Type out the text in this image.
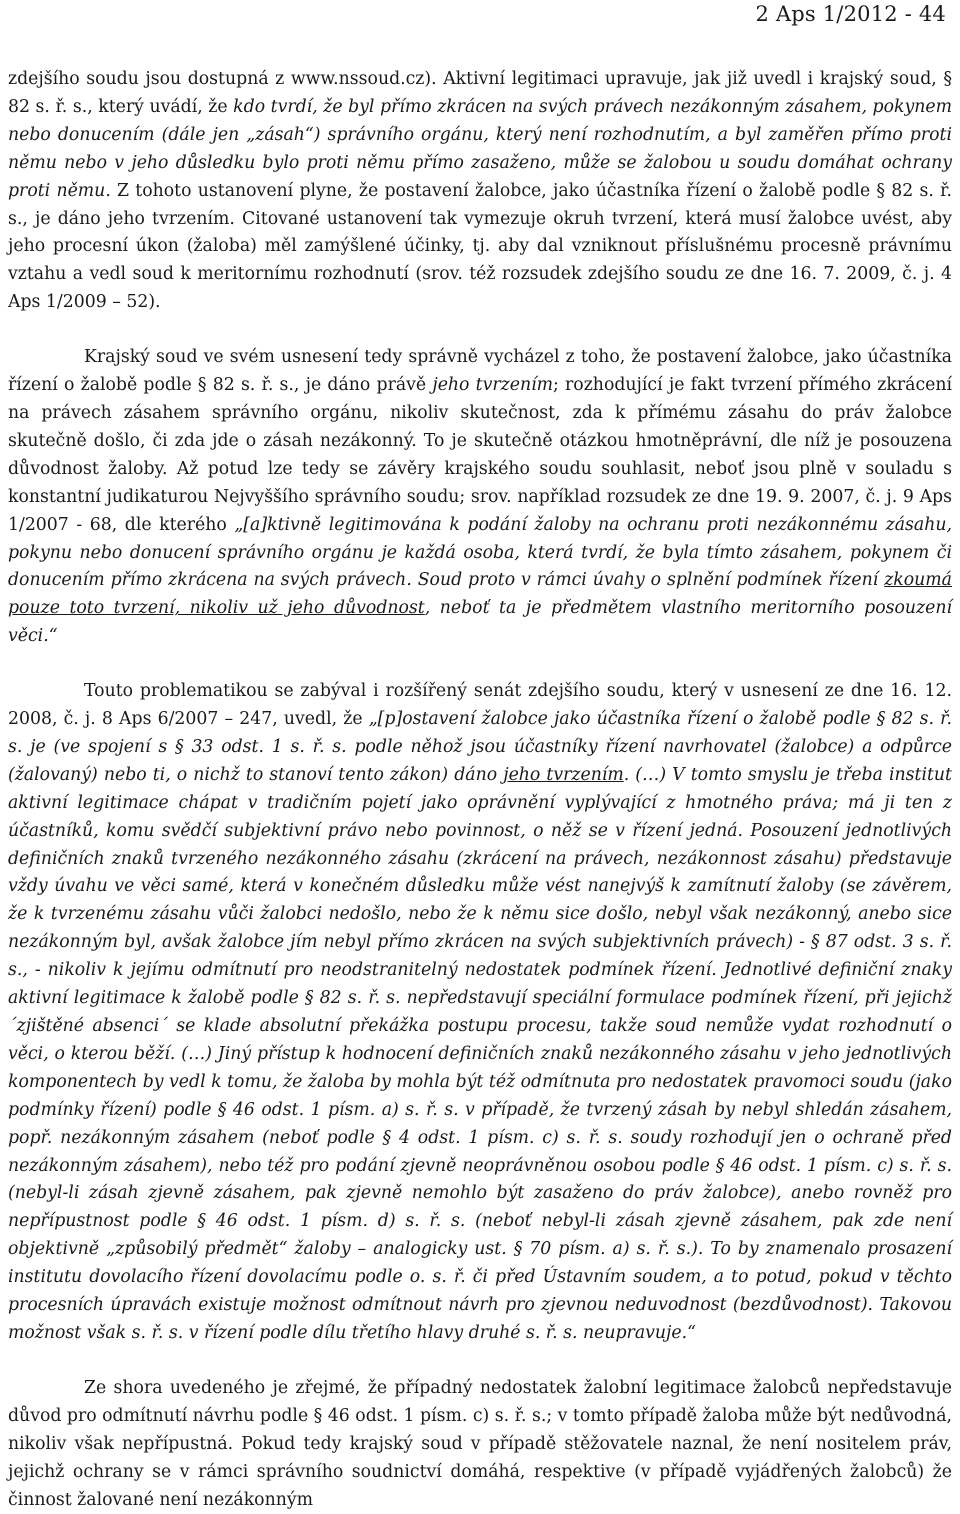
2 Aps 1/2012 - 44

zdejšího soudu jsou dostupná z www.nssoud.cz). Aktivní legitimaci upravuje, jak již uvedl i krajský soud, § 82 s. ř. s., který uvádí, že kdo tvrdí, že byl přímo zkrácen na svých právech nezákonným zásahem, pokynem nebo donucením (dále jen „zásah“) správního orgánu, který není rozhodnutím, a byl zaměřen přímo proti němu nebo v jeho důsledku bylo proti němu přímo zasaženo, může se žalobou u soudu domáhat ochrany proti němu. Z tohoto ustanovení plyne, že postavení žalobce, jako účastníka řízení o žalobě podle § 82 s. ř. s., je dáno jeho tvrzením. Citované ustanovení tak vymezuje okruh tvrzení, která musí žalobce uvést, aby jeho procesní úkon (žaloba) měl zamýšlené účinky, tj. aby dal vzniknout příslušnému procesně právnímu vztahu a vedl soud k meritornímu rozhodnutí (srov. též rozsudek zdejšího soudu ze dne 16. 7. 2009, č. j. 4 Aps 1/2009 – 52).

Krajský soud ve svém usnesení tedy správně vycházel z toho, že postavení žalobce, jako účastníka řízení o žalobě podle § 82 s. ř. s., je dáno právě jeho tvrzením; rozhodující je fakt tvrzení přímého zkrácení na právech zásahem správního orgánu, nikoliv skutečnost, zda k přímému zásahu do práv žalobce skutečně došlo, či zda jde o zásah nezákonný. To je skutečně otázkou hmotněprávní, dle níž je posouzena důvodnost žaloby. Až potud lze tedy se závěry krajského soudu souhlasit, neboť jsou plně v souladu s konstantní judikaturou Nejvyššího správního soudu; srov. například rozsudek ze dne 19. 9. 2007, č. j. 9 Aps 1/2007 - 68, dle kterého „[a]ktivně legitimována k podání žaloby na ochranu proti nezákonnému zásahu, pokynu nebo donucení správního orgánu je každá osoba, která tvrdí, že byla tímto zásahem, pokynem či donucením přímo zkrácena na svých právech. Soud proto v rámci úvahy o splnění podmínek řízení zkoumá pouze toto tvrzení, nikoliv už jeho důvodnost, neboť ta je předmětem vlastního meritorního posouzení věci.“

Touto problematikou se zabýval i rozšířený senát zdejšího soudu, který v usnesení ze dne 16. 12. 2008, č. j. 8 Aps 6/2007 – 247, uvedl, že „[p]ostavení žalobce jako účastníka řízení o žalobě podle § 82 s. ř. s. je (ve spojení s § 33 odst. 1 s. ř. s. podle něhož jsou účastníky řízení navrhovatel (žalobce) a odpůrce (žalovaný) nebo ti, o nichž to stanoví tento zákon) dáno jeho tvrzením. (…) V tomto smyslu je třeba institut aktivní legitimace chápat v tradičním pojetí jako oprávnění vyplývající z hmotného práva; má ji ten z účastníků, komu svědčí subjektivní právo nebo povinnost, o něž se v řízení jedná. Posouzení jednotlivých definičních znaků tvrzeného nezákonného zásahu (zkrácení na právech, nezákonnost zásahu) představuje vždy úvahu ve věci samé, která v konečném důsledku může vést nanejvýš k zamítnutí žaloby (se závěrem, že k tvrzenému zásahu vůči žalobci nedošlo, nebo že k němu sice došlo, nebyl však nezákonný, anebo sice nezákonným byl, avšak žalobce jím nebyl přímo zkrácen na svých subjektivních právech) - § 87 odst. 3 s. ř. s., - nikoliv k jejímu odmítnutí pro neodstranitelný nedostatek podmínek řízení. Jednotlivé definiční znaky aktivní legitimace k žalobě podle § 82 s. ř. s. nepředstavují speciální formulace podmínek řízení, při jejichž ´zjištěné absenci´ se klade absolutní překážka postupu procesu, takže soud nemůže vydat rozhodnutí o věci, o kterou běží. (…) Jiný přístup k hodnocení definičních znaků nezákonného zásahu v jeho jednotlivých komponentech by vedl k tomu, že žaloba by mohla být též odmítnuta pro nedostatek pravomoci soudu (jako podmínky řízení) podle § 46 odst. 1 písm. a) s. ř. s. v případě, že tvrzený zásah by nebyl shledán zásahem, popř. nezákonným zásahem (neboť podle § 4 odst. 1 písm. c) s. ř. s. soudy rozhodují jen o ochraně před nezákonným zásahem), nebo též pro podání zjevně neoprávněnou osobou podle § 46 odst. 1 písm. c) s. ř. s. (nebyl-li zásah zjevně zásahem, pak zjevně nemohlo být zasaženo do práv žalobce), anebo rovněž pro nepřípustnost podle § 46 odst. 1 písm. d) s. ř. s. (neboť nebyl-li zásah zjevně zásahem, pak zde není objektivně „způsobilý předmět“ žaloby – analogicky ust. § 70 písm. a) s. ř. s.). To by znamenalo prosazení institutu dovolacího řízení dovolacímu podle o. s. ř. či před Ústavním soudem, a to potud, pokud v těchto procesních úpravách existuje možnost odmítnout návrh pro zjevnou neduvodnost (bezdůvodnost). Takovou možnost však s. ř. s. v řízení podle dílu třetího hlavy druhé s. ř. s. neupravuje.“

Ze shora uvedeného je zřejmé, že případný nedostatek žalobní legitimace žalobců nepředstavuje důvod pro odmítnutí návrhu podle § 46 odst. 1 písm. c) s. ř. s.; v tomto případě žaloba může být nedůvodná, nikoliv však nepřípustná. Pokud tedy krajský soud v případě stěžovatele naznal, že není nositelem práv, jejichž ochrany se v rámci správního soudnictví domáhá, respektive (v případě vyjádřených žalobců) že činnost žalované není nezákonným
